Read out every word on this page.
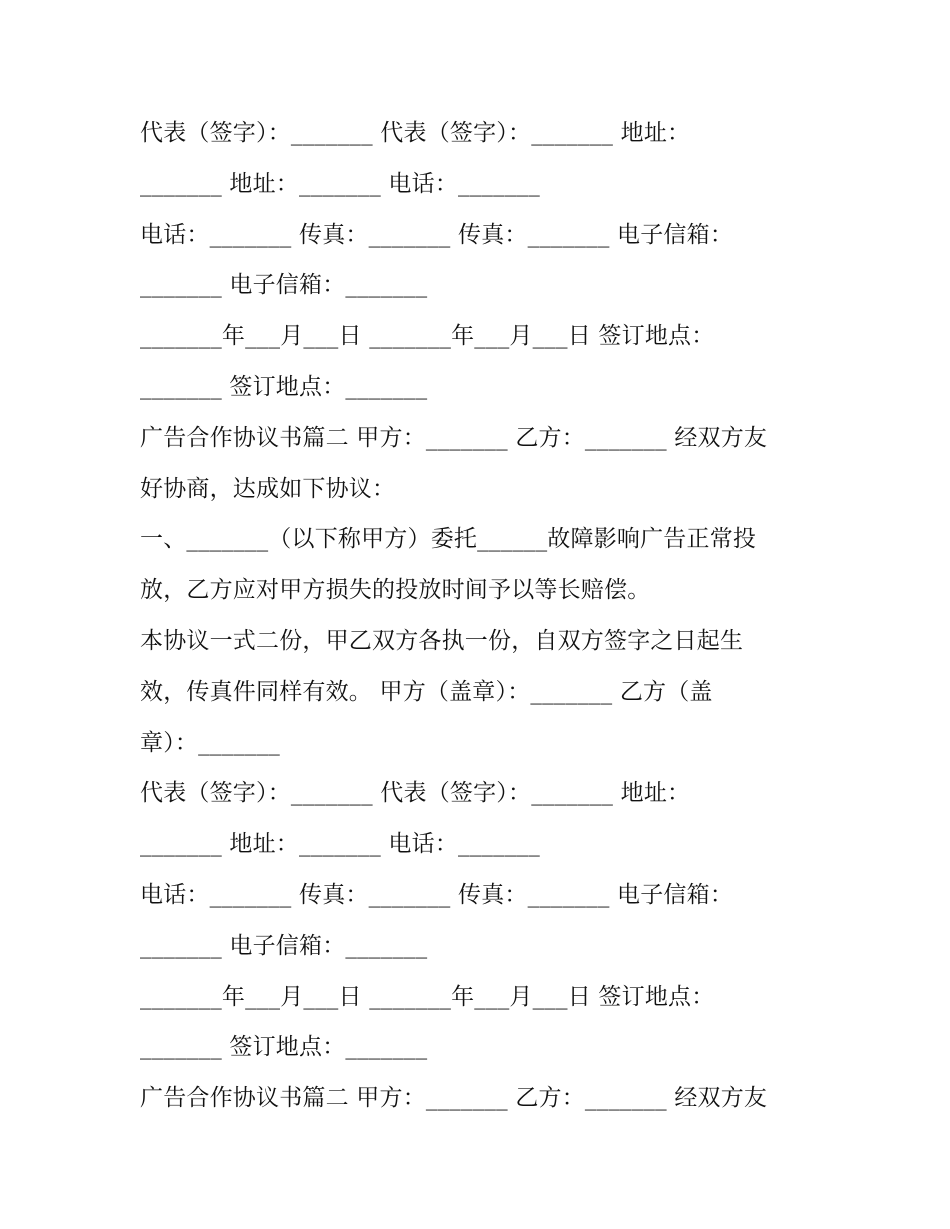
代表（签字）：_______ 代表（签字）：_______ 地址：
_______ 地址：_______ 电话：_______
电话：_______ 传真：_______ 传真：_______ 电子信箱：
_______ 电子信箱：_______
_______年___月___日 _______年___月___日 签订地点：
_______ 签订地点：_______
广告合作协议书篇二 甲方：_______ 乙方：_______ 经双方友
好协商，达成如下协议：
一、_______（以下称甲方）委托______故障影响广告正常投
放，乙方应对甲方损失的投放时间予以等长赔偿。
本协议一式二份，甲乙双方各执一份，自双方签字之日起生
效，传真件同样有效。 甲方（盖章）：_______ 乙方（盖
章）：_______
代表（签字）：_______ 代表（签字）：_______ 地址：
_______ 地址：_______ 电话：_______
电话：_______ 传真：_______ 传真：_______ 电子信箱：
_______ 电子信箱：_______
_______年___月___日 _______年___月___日 签订地点：
_______ 签订地点：_______
广告合作协议书篇二 甲方：_______ 乙方：_______ 经双方友
